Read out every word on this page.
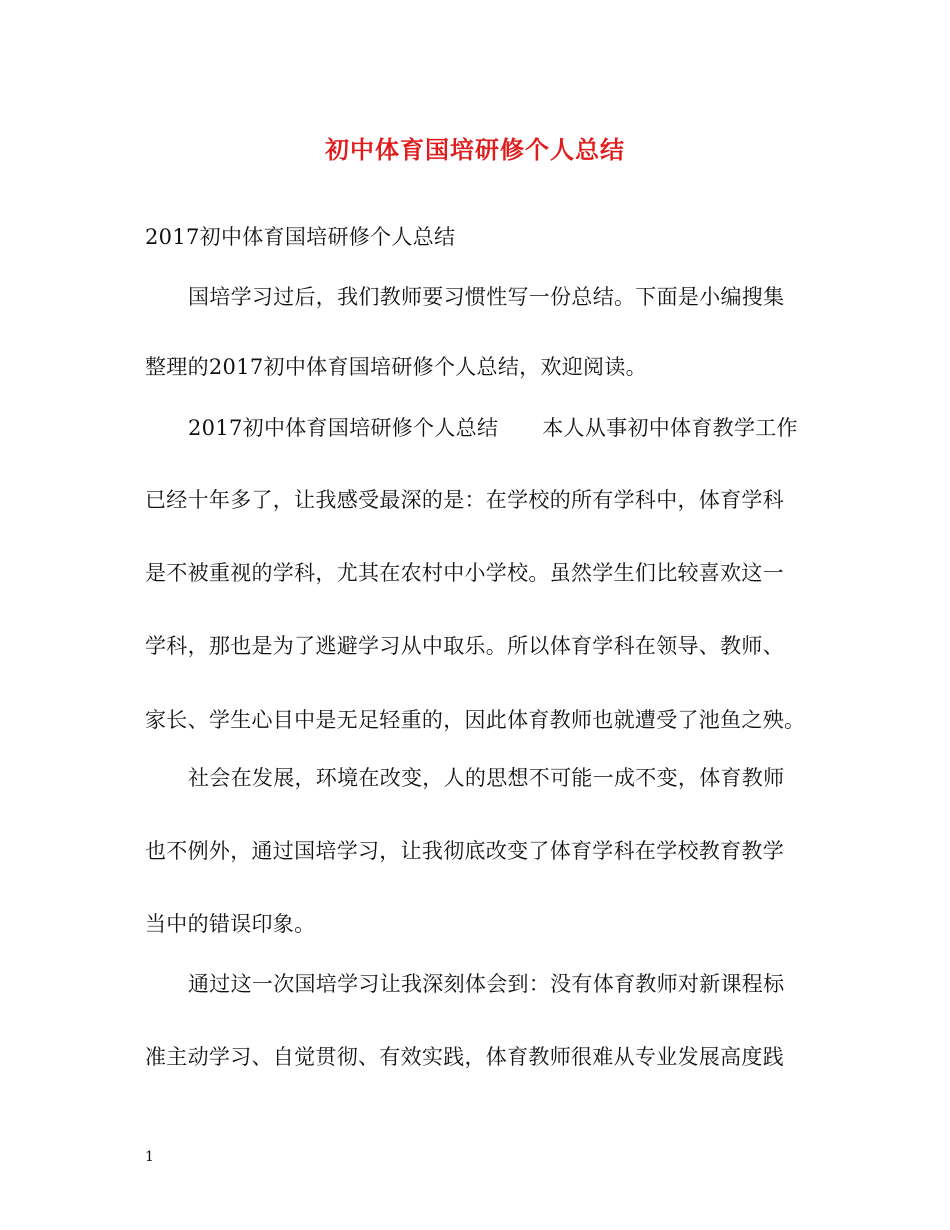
初中体育国培研修个人总结
2017初中体育国培研修个人总结
国培学习过后，我们教师要习惯性写一份总结。下面是小编搜集
整理的2017初中体育国培研修个人总结，欢迎阅读。
2017初中体育国培研修个人总结 本人从事初中体育教学工作
已经十年多了，让我感受最深的是：在学校的所有学科中，体育学科
是不被重视的学科，尤其在农村中小学校。虽然学生们比较喜欢这一
学科，那也是为了逃避学习从中取乐。所以体育学科在领导、教师、
家长、学生心目中是无足轻重的，因此体育教师也就遭受了池鱼之殃。
社会在发展，环境在改变，人的思想不可能一成不变，体育教师
也不例外，通过国培学习，让我彻底改变了体育学科在学校教育教学
当中的错误印象。
通过这一次国培学习让我深刻体会到：没有体育教师对新课程标
准主动学习、自觉贯彻、有效实践，体育教师很难从专业发展高度践
1
